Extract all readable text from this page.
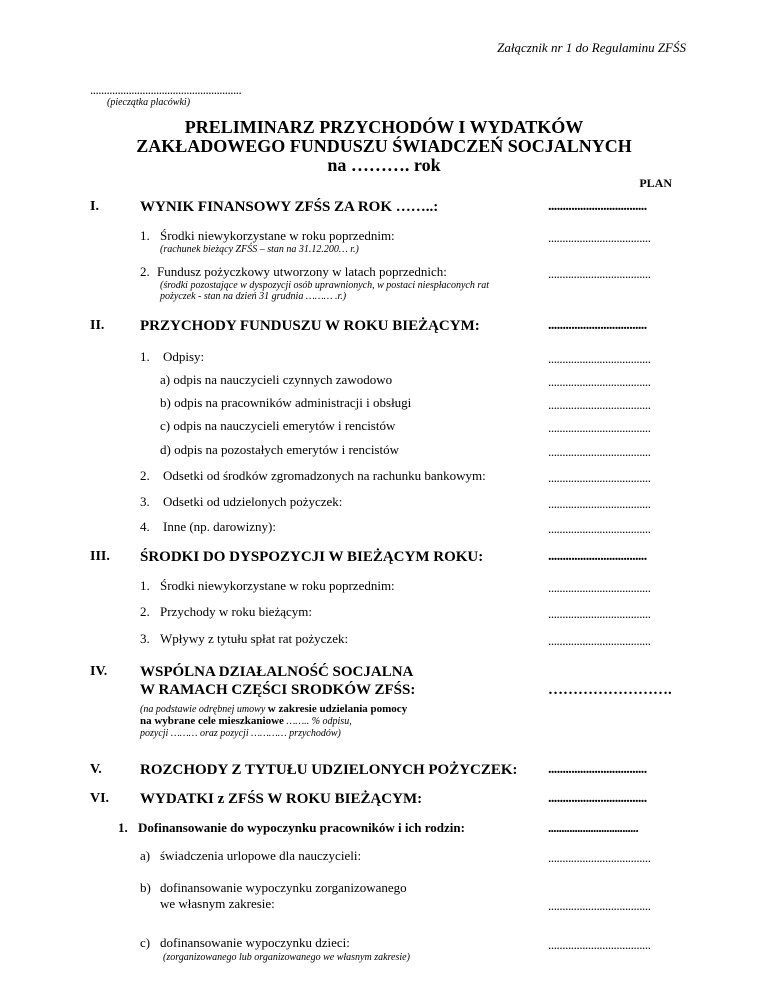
Załącznik nr 1 do Regulaminu ZFŚS
.......................................................
(pieczątka placówki)
PRELIMINARZ PRZYCHODÓW I WYDATKÓW
ZAKŁADOWEGO FUNDUSZU ŚWIADCZEŃ SOCJALNYCH
na ………. rok
PLAN
I.	WYNIK FINANSOWY ZFŚS ZA ROK ……..:	..................................
1. Środki niewykorzystane w roku poprzednim:
(rachunek bieżący ZFŚS – stan na 31.12.200… r.)
....................................
2. Fundusz pożyczkowy utworzony w latach poprzednich:
(środki pozostające w dyspozycji osób uprawnionych, w postaci niespłaconych rat
pożyczek - stan na dzień 31 grudnia ……… .r.)
....................................
II. PRZYCHODY FUNDUSZU W ROKU BIEŻĄCYM:	..................................
1. Odpisy:	....................................
a) odpis na nauczycieli czynnych zawodowo	....................................
b) odpis na pracowników administracji i obsługi	....................................
c) odpis na nauczycieli emerytów i rencistów	....................................
d) odpis na pozostałych emerytów i rencistów	....................................
2. Odsetki od środków zgromadzonych na rachunku bankowym:	....................................
3. Odsetki od udzielonych pożyczek:	....................................
4. Inne (np. darowizny):	....................................
III. ŚRODKI DO DYSPOZYCJI W BIEŻĄCYM ROKU:	..................................
1. Środki niewykorzystane w roku poprzednim:	....................................
2. Przychody w roku bieżącym:	....................................
3. Wpływy z tytułu spłat rat pożyczek:	....................................
IV. WSPÓLNA DZIAŁALNOŚĆ SOCJALNA
W RAMACH CZĘŚCI SRODKÓW ZFŚS:	…………………….
(na podstawie odrębnej umowy w zakresie udzielania pomocy
na wybrane cele mieszkaniowe …….. % odpisu,
pozycji ……… oraz pozycji ………… przychodów)
V.	ROZCHODY Z TYTUŁU UDZIELONYCH POŻYCZEK: ..................................
VI. WYDATKI z ZFŚS W ROKU BIEŻĄCYM:	..................................
1. Dofinansowanie do wypoczynku pracowników i ich rodzin:	..................................
a) świadczenia urlopowe dla nauczycieli:	....................................
b) dofinansowanie wypoczynku zorganizowanego
we własnym zakresie:	....................................
c) dofinansowanie wypoczynku dzieci:
(zorganizowanego lub organizowanego we własnym zakresie)
....................................
